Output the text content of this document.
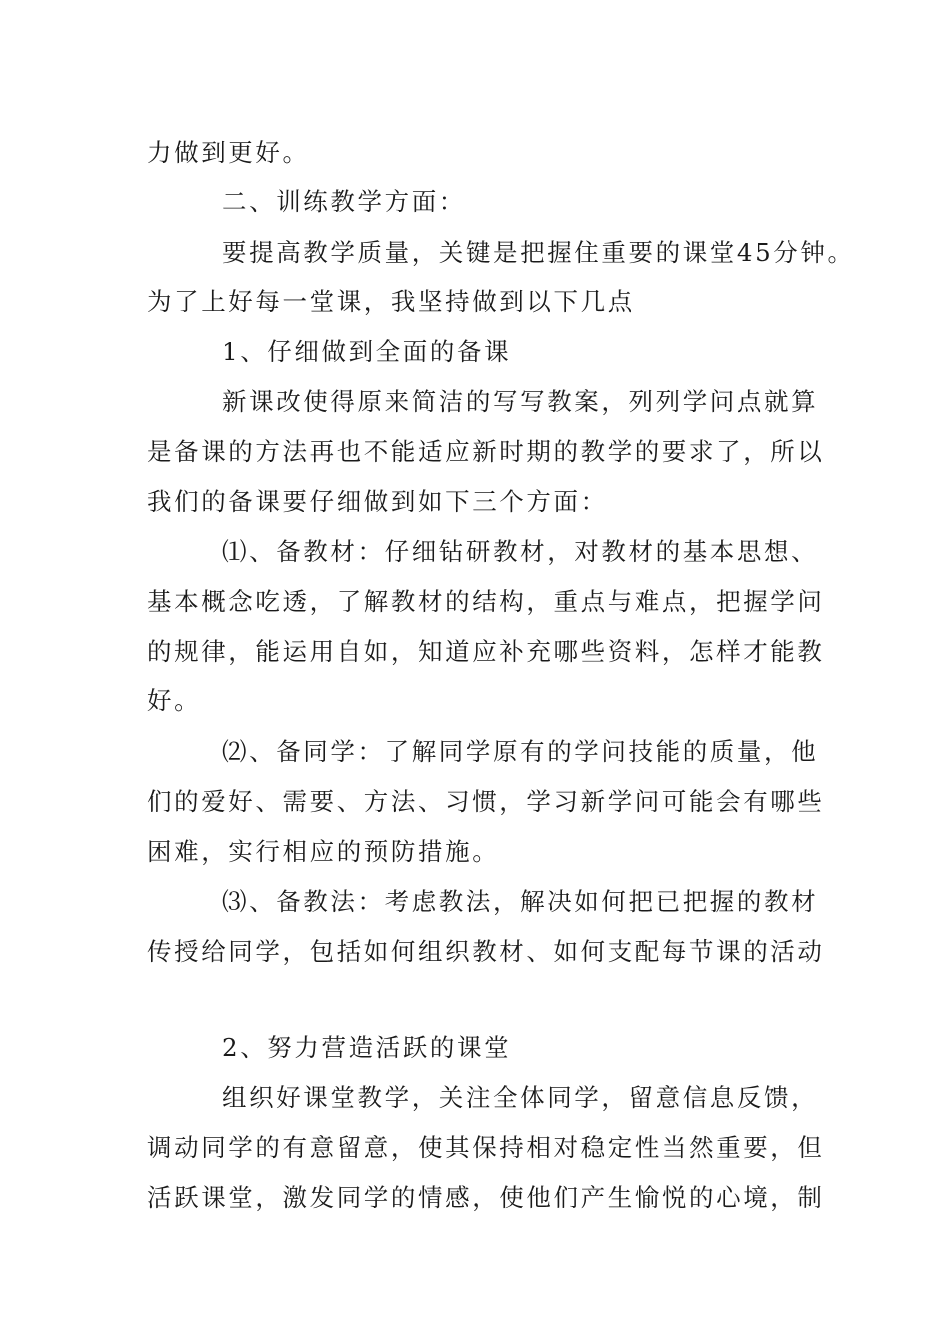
力做到更好。
二、训练教学方面：
要提高教学质量，关键是把握住重要的课堂45分钟。
为了上好每一堂课，我坚持做到以下几点
1、仔细做到全面的备课
新课改使得原来简洁的写写教案，列列学问点就算
是备课的方法再也不能适应新时期的教学的要求了，所以
我们的备课要仔细做到如下三个方面：
⑴、备教材：仔细钻研教材，对教材的基本思想、
基本概念吃透，了解教材的结构，重点与难点，把握学问
的规律，能运用自如，知道应补充哪些资料，怎样才能教
好。
⑵、备同学：了解同学原有的学问技能的质量，他
们的爱好、需要、方法、习惯，学习新学问可能会有哪些
困难，实行相应的预防措施。
⑶、备教法：考虑教法，解决如何把已把握的教材
传授给同学，包括如何组织教材、如何支配每节课的活动
2、努力营造活跃的课堂
组织好课堂教学，关注全体同学，留意信息反馈，
调动同学的有意留意，使其保持相对稳定性当然重要，但
活跃课堂，激发同学的情感，使他们产生愉悦的心境，制
